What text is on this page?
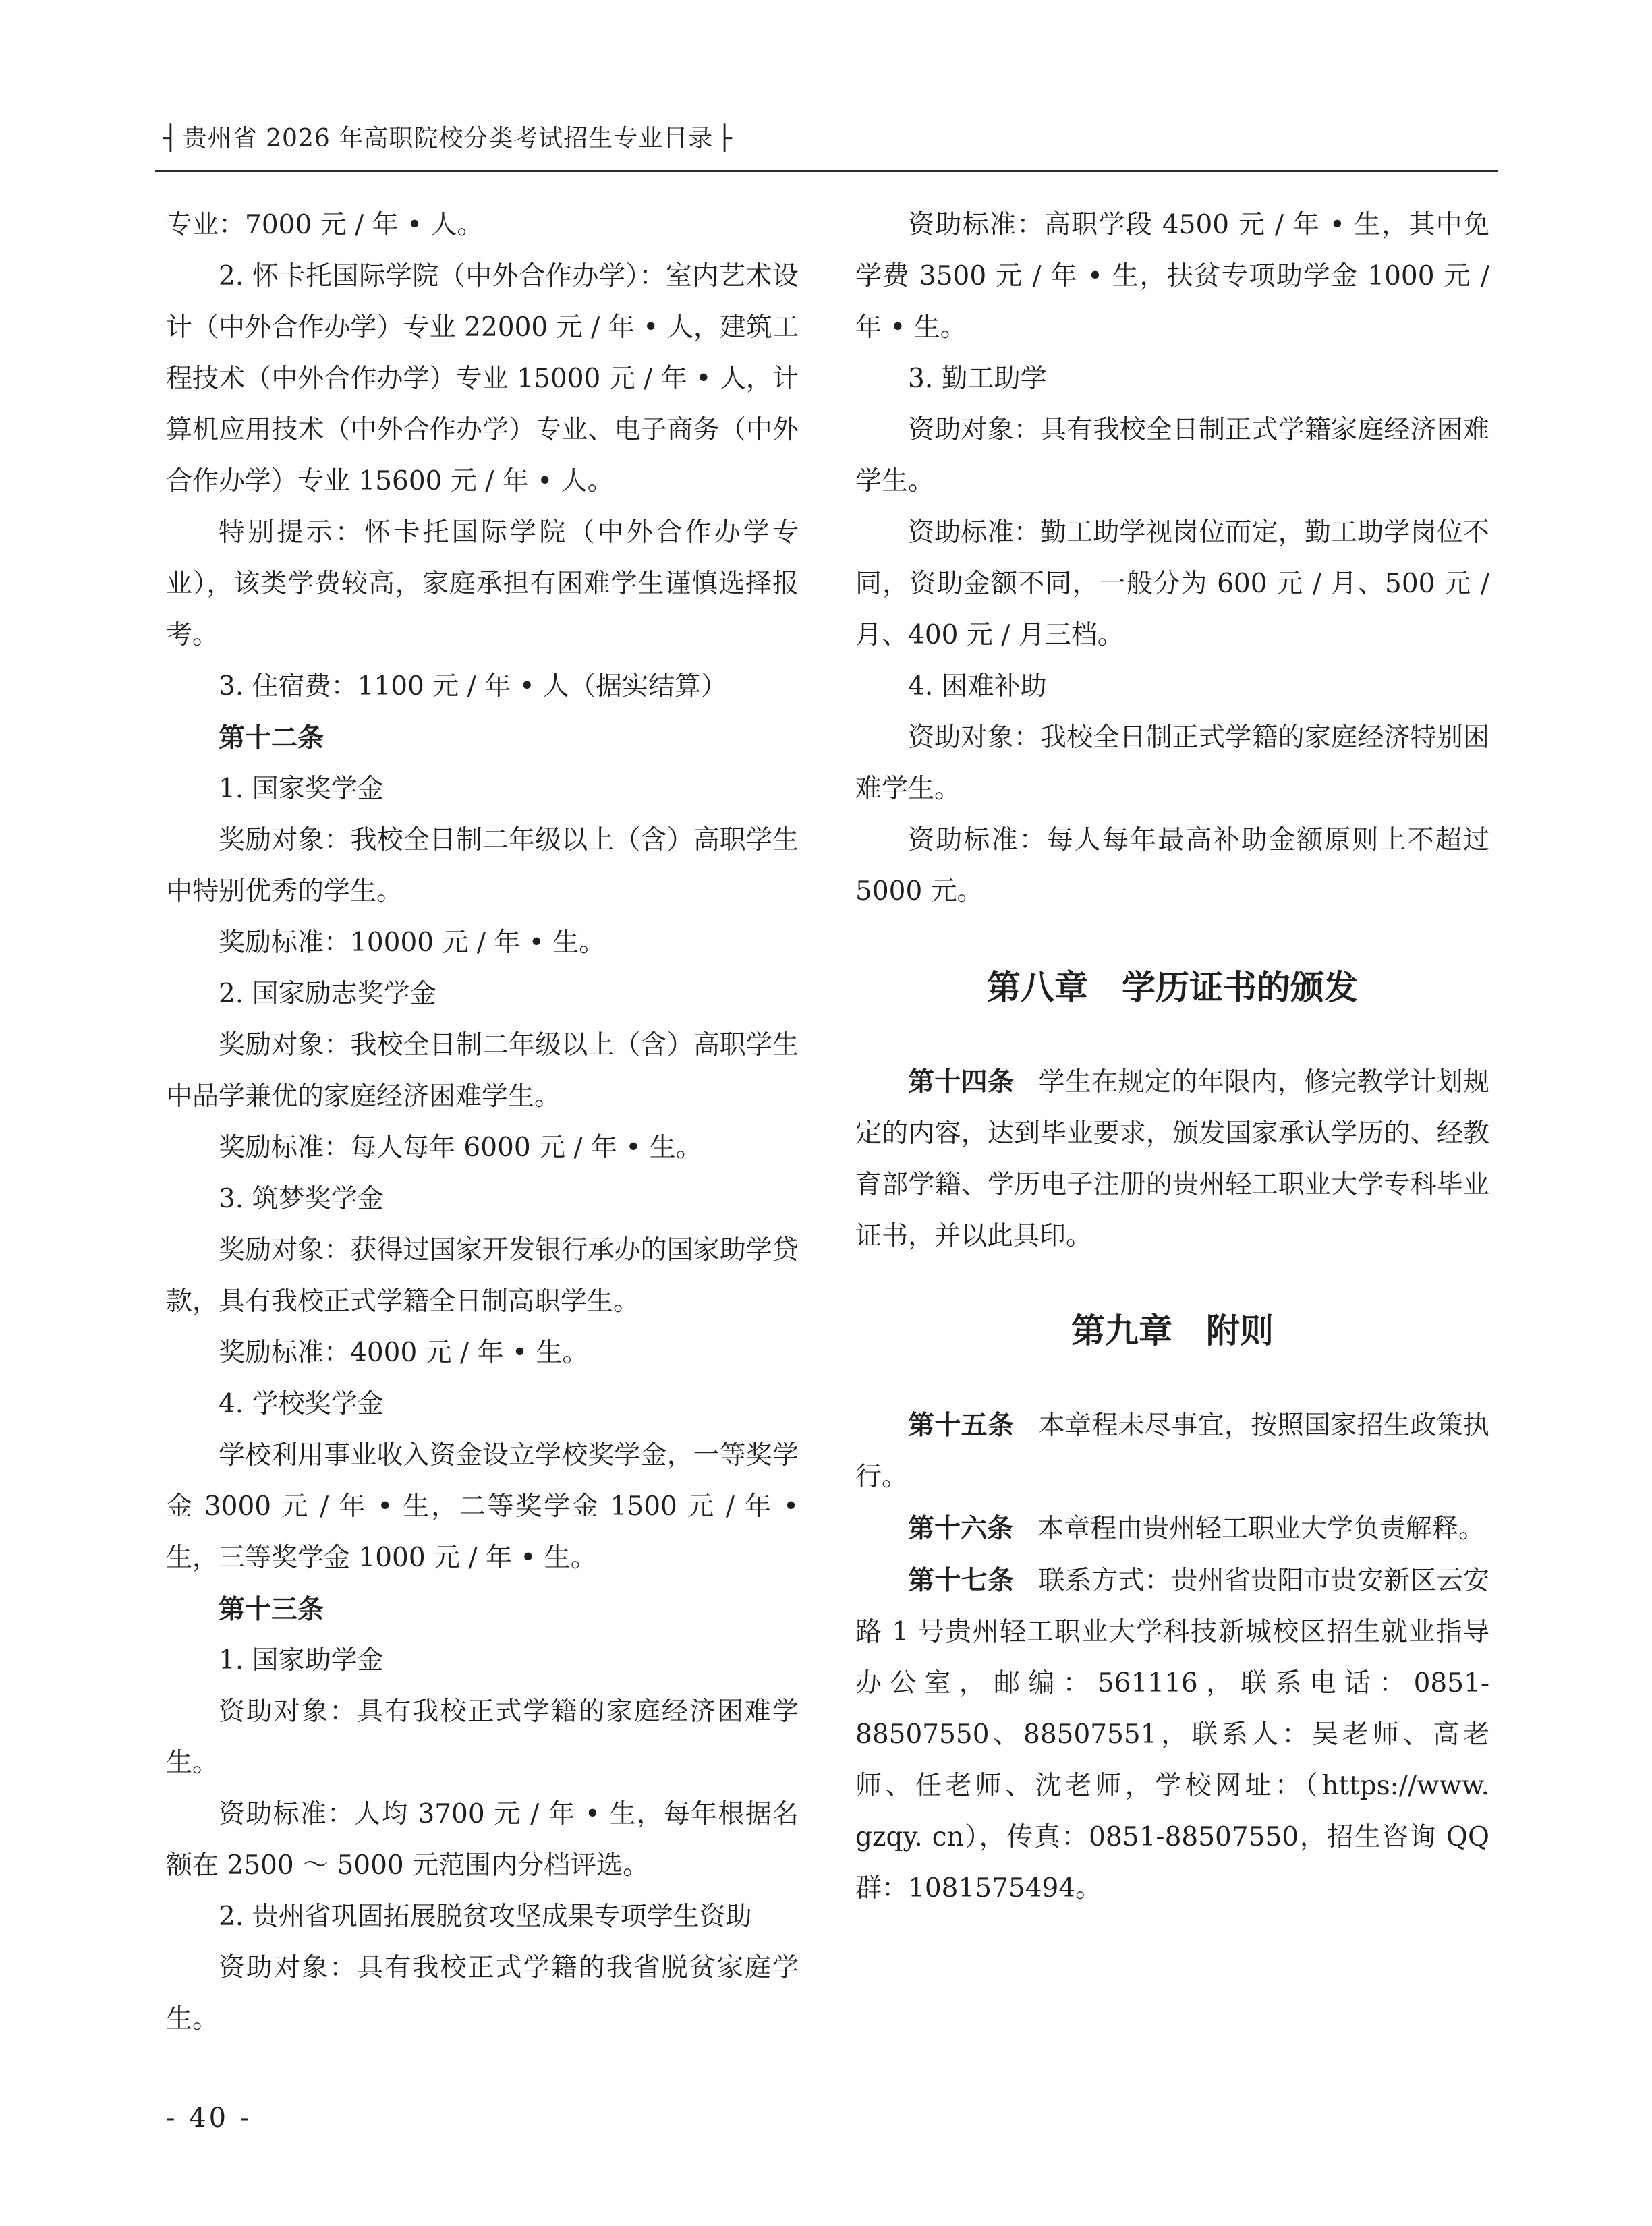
┤ 贵州省 2026 年高职院校分类考试招生专业目录 ├

专业：7000 元 / 年 • 人。

2. 怀卡托国际学院（中外合作办学）：室内艺术设计（中外合作办学）专业 22000 元 / 年 • 人，建筑工程技术（中外合作办学）专业 15000 元 / 年 • 人，计算机应用技术（中外合作办学）专业、电子商务（中外合作办学）专业 15600 元 / 年 • 人。

特别提示：怀卡托国际学院（中外合作办学专业），该类学费较高，家庭承担有困难学生谨慎选择报考。

3. 住宿费：1100 元 / 年 • 人（据实结算）

第十二条

1. 国家奖学金

奖励对象：我校全日制二年级以上（含）高职学生中特别优秀的学生。

奖励标准：10000 元 / 年 • 生。

2. 国家励志奖学金

奖励对象：我校全日制二年级以上（含）高职学生中品学兼优的家庭经济困难学生。

奖励标准：每人每年 6000 元 / 年 • 生。

3. 筑梦奖学金

奖励对象：获得过国家开发银行承办的国家助学贷款，具有我校正式学籍全日制高职学生。

奖励标准：4000 元 / 年 • 生。

4. 学校奖学金

学校利用事业收入资金设立学校奖学金，一等奖学金 3000 元 / 年 • 生，二等奖学金 1500 元 / 年 • 生，三等奖学金 1000 元 / 年 • 生。

第十三条

1. 国家助学金

资助对象：具有我校正式学籍的家庭经济困难学生。

资助标准：人均 3700 元 / 年 • 生，每年根据名额在 2500 ～ 5000 元范围内分档评选。

2. 贵州省巩固拓展脱贫攻坚成果专项学生资助

资助对象：具有我校正式学籍的我省脱贫家庭学生。

资助标准：高职学段 4500 元 / 年 • 生，其中免学费 3500 元 / 年 • 生，扶贫专项助学金 1000 元 / 年 • 生。

3. 勤工助学

资助对象：具有我校全日制正式学籍家庭经济困难学生。

资助标准：勤工助学视岗位而定，勤工助学岗位不同，资助金额不同，一般分为 600 元 / 月、500 元 / 月、400 元 / 月三档。

4. 困难补助

资助对象：我校全日制正式学籍的家庭经济特别困难学生。

资助标准：每人每年最高补助金额原则上不超过 5000 元。

第八章 学历证书的颁发

第十四条 学生在规定的年限内，修完教学计划规定的内容，达到毕业要求，颁发国家承认学历的、经教育部学籍、学历电子注册的贵州轻工职业大学专科毕业证书，并以此具印。

第九章 附则

第十五条 本章程未尽事宜，按照国家招生政策执行。

第十六条 本章程由贵州轻工职业大学负责解释。

第十七条 联系方式：贵州省贵阳市贵安新区云安路 1 号贵州轻工职业大学科技新城校区招生就业指导办公室，邮编：561116，联系电话：0851-88507550、88507551，联系人：吴老师、高老师、任老师、沈老师，学校网址：（https://www. gzqy. cn），传真：0851-88507550，招生咨询 QQ 群：1081575494。

- 40 -
